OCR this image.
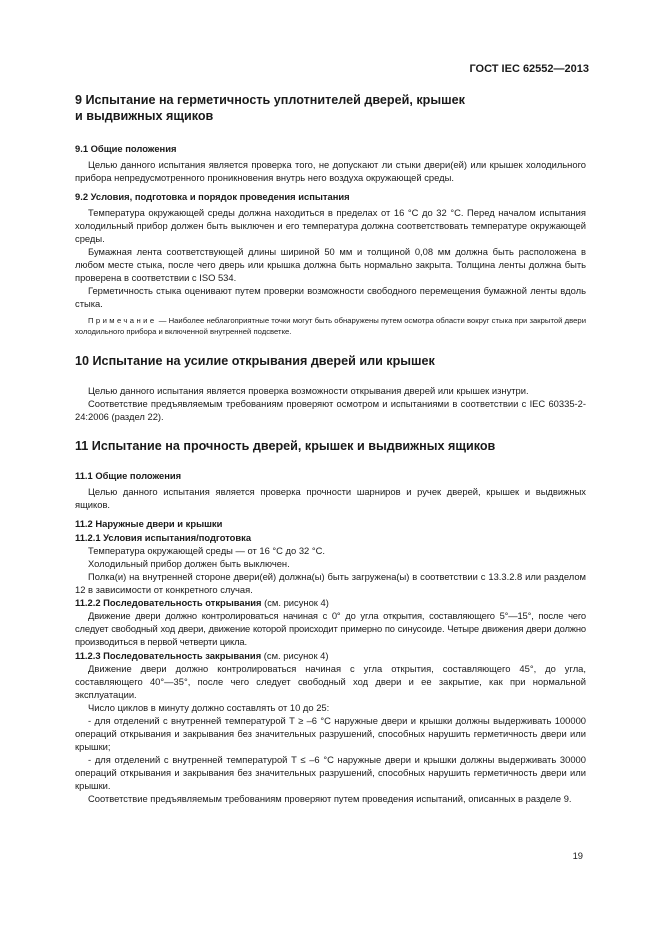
ГОСТ IEC 62552—2013
9 Испытание на герметичность уплотнителей дверей, крышек
и выдвижных ящиков
9.1 Общие положения

Целью данного испытания является проверка того, не допускают ли стыки двери(ей) или крышек холодильного прибора непредусмотренного проникновения внутрь него воздуха окружающей среды.

9.2 Условия, подготовка и порядок проведения испытания

Температура окружающей среды должна находиться в пределах от 16 °С до 32 °С. Перед началом испытания холодильный прибор должен быть выключен и его температура должна соответствовать температуре окружающей среды.

Бумажная лента соответствующей длины шириной 50 мм и толщиной 0,08 мм должна быть расположена в любом месте стыка, после чего дверь или крышка должна быть нормально закрыта. Толщина ленты должна быть проверена в соответствии с ISO 534.

Герметичность стыка оценивают путем проверки возможности свободного перемещения бумажной ленты вдоль стыка.

Примечание — Наиболее неблагоприятные точки могут быть обнаружены путем осмотра области вокруг стыка при закрытой двери холодильного прибора и включенной внутренней подсветке.

10 Испытание на усилие открывания дверей или крышек

Целью данного испытания является проверка возможности открывания дверей или крышек изнутри.

Соответствие предъявляемым требованиям проверяют осмотром и испытаниями в соответствии с IEC 60335-2-24:2006 (раздел 22).

11 Испытание на прочность дверей, крышек и выдвижных ящиков
11.1 Общие положения

Целью данного испытания является проверка прочности шарниров и ручек дверей, крышек и выдвижных ящиков.

11.2 Наружные двери и крышки
11.2.1 Условия испытания/подготовка

Температура окружающей среды — от 16 °С до 32 °С.

Холодильный прибор должен быть выключен.

Полка(и) на внутренней стороне двери(ей) должна(ы) быть загружена(ы) в соответствии с 13.3.2.8 или разделом 12 в зависимости от конкретного случая.

11.2.2 Последовательность открывания (см. рисунок 4)

Движение двери должно контролироваться начиная с 0° до угла открытия, составляющего 5°—15°, после чего следует свободный ход двери, движение которой происходит примерно по синусоиде. Четыре движения двери должно производиться в первой четверти цикла.

11.2.3 Последовательность закрывания (см. рисунок 4)

Движение двери должно контролироваться начиная с угла открытия, составляющего 45°, до угла, составляющего 40°—35°, после чего следует свободный ход двери и ее закрытие, как при нормальной эксплуатации.

Число циклов в минуту должно составлять от 10 до 25:

- для отделений с внутренней температурой T ≥ –6 °С наружные двери и крышки должны выдерживать 100000 операций открывания и закрывания без значительных разрушений, способных нарушить герметичность двери или крышки;

- для отделений с внутренней температурой T ≤ –6 °С наружные двери и крышки должны выдерживать 30000 операций открывания и закрывания без значительных разрушений, способных нарушить герметичность двери или крышки.

Соответствие предъявляемым требованиям проверяют путем проведения испытаний, описанных в разделе 9.

19
